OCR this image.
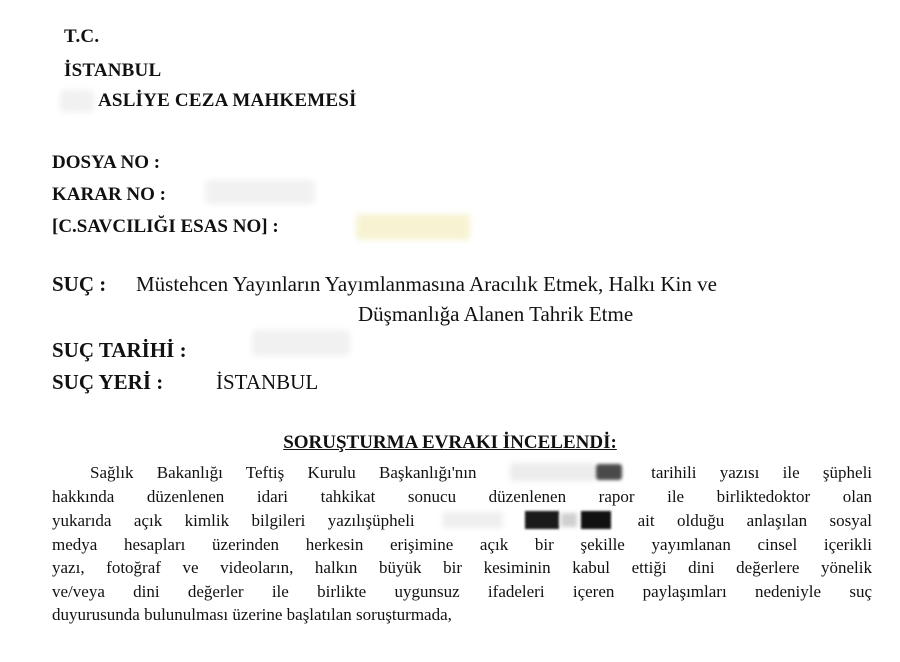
T.C.
İSTANBUL
ASLİYE CEZA MAHKEMESİ
DOSYA NO :
KARAR NO :
[C.SAVCILIĞI ESAS NO] :
SUÇ : Müstehcen Yayınların Yayımlanmasına Aracılık Etmek, Halkı Kin ve
Düşmanlığa Alanen Tahrik Etme
SUÇ TARİHİ :
SUÇ YERİ :	İSTANBUL
SORUŞTURMA EVRAKI İNCELENDİ:
Sağlık Bakanlığı Teftiş Kurulu Başkanlığı'nın	tarihili yazısı ile şüpheli
hakkında düzenlenen idari tahkikat sonucu düzenlenen rapor ile birliktedoktor olan
yukarıda açık kimlik bilgileri yazılışüpheli	ait olduğu anlaşılan sosyal
medya hesapları üzerinden herkesin erişimine açık bir şekille yayımlanan cinsel içerikli
yazı, fotoğraf ve videoların, halkın büyük bir kesiminin kabul ettiği dini değerlere yönelik
ve/veya dini değerler ile birlikte uygunsuz ifadeleri içeren paylaşımları nedeniyle suç
duyurusunda bulunulması üzerine başlatılan soruşturmada,
